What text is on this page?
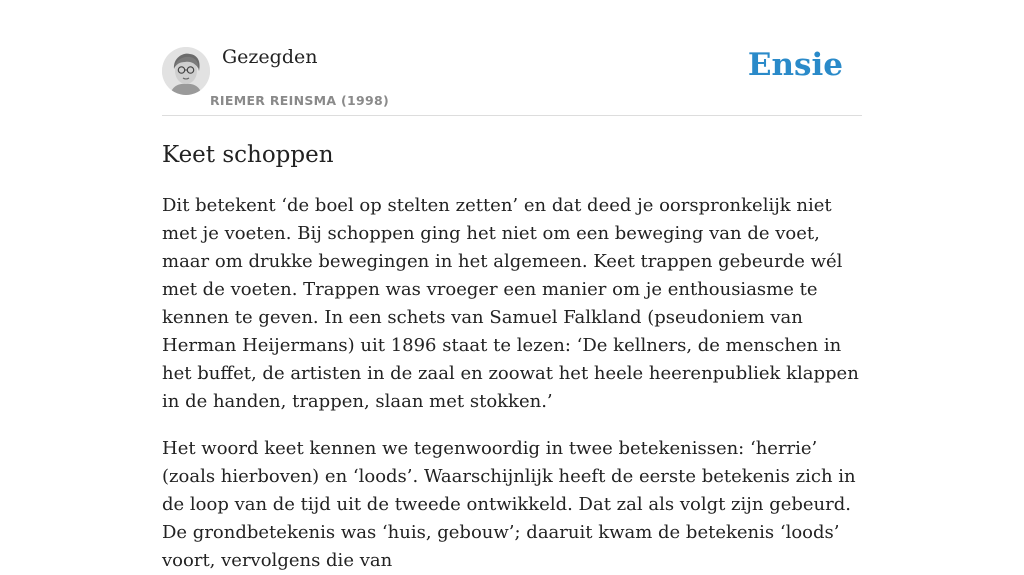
Gezegden
RIEMER REINSMA (1998)
Ensie
Keet schoppen

Dit betekent ‘de boel op stelten zetten’ en dat deed je oorspronkelijk niet met je voeten. Bij schoppen ging het niet om een beweging van de voet, maar om drukke bewegingen in het algemeen. Keet trappen gebeurde wél met de voeten. Trappen was vroeger een manier om je enthousiasme te kennen te geven. In een schets van Samuel Falkland (pseudoniem van Herman Heijermans) uit 1896 staat te lezen: ‘De kellners, de menschen in het buffet, de artisten in de zaal en zoowat het heele heerenpubliek klappen in de handen, trappen, slaan met stokken.’

Het woord keet kennen we tegenwoordig in twee betekenissen: ‘herrie’ (zoals hierboven) en ‘loods’. Waarschijnlijk heeft de eerste betekenis zich in de loop van de tijd uit de tweede ontwikkeld. Dat zal als volgt zijn gebeurd. De grondbetekenis was ‘huis, gebouw’; daaruit kwam de betekenis ‘loods’ voort, vervolgens die van
